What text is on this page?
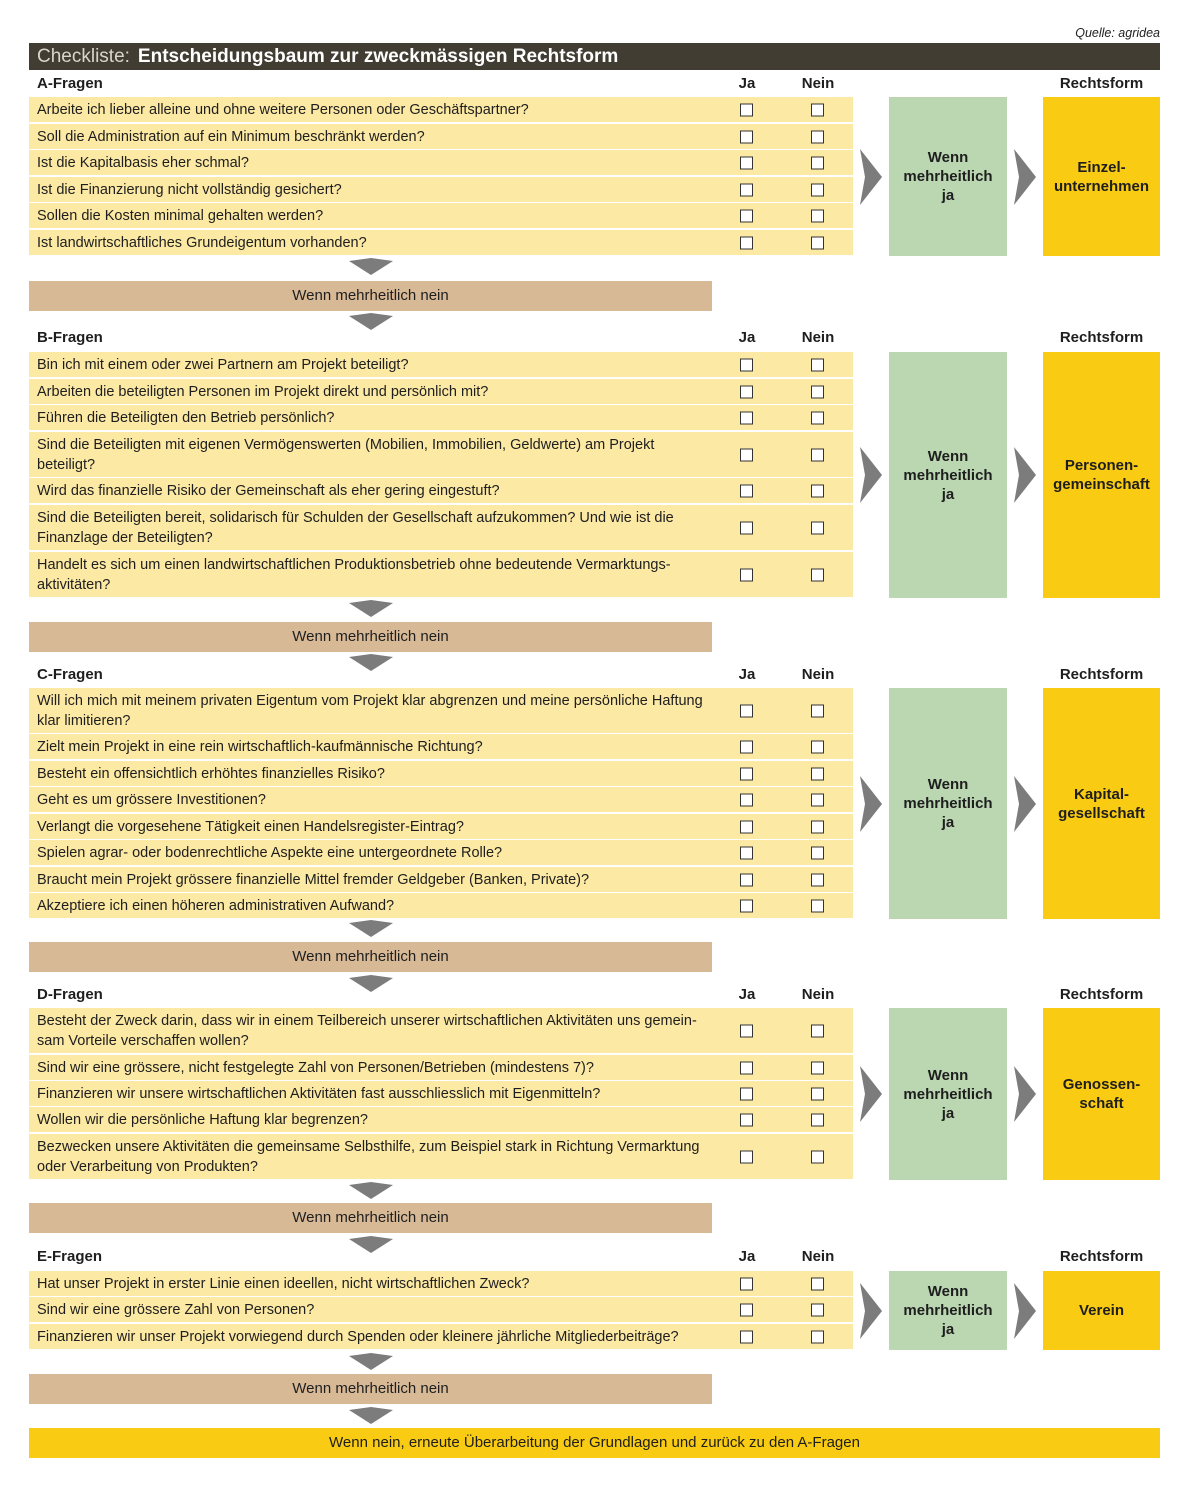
Quelle: agridea
Checkliste: Entscheidungsbaum zur zweckmässigen Rechtsform
A-Fragen	Ja	Nein	Rechtsform
Arbeite ich lieber alleine und ohne weitere Personen oder Geschäftspartner?
Soll die Administration auf ein Minimum beschränkt werden?
Ist die Kapitalbasis eher schmal?
Ist die Finanzierung nicht vollständig gesichert?
Sollen die Kosten minimal gehalten werden?
Ist landwirtschaftliches Grundeigentum vorhanden?
Wenn
mehrheitlich
ja
Einzel-
unternehmen
Wenn mehrheitlich nein
B-Fragen	Ja	Nein	Rechtsform
Bin ich mit einem oder zwei Partnern am Projekt beteiligt?
Arbeiten die beteiligten Personen im Projekt direkt und persönlich mit?
Führen die Beteiligten den Betrieb persönlich?
Sind die Beteiligten mit eigenen Vermögenswerten (Mobilien, Immobilien, Geldwerte) am Projekt beteiligt?
Wird das finanzielle Risiko der Gemeinschaft als eher gering eingestuft?
Sind die Beteiligten bereit, solidarisch für Schulden der Gesellschaft aufzukommen? Und wie ist die Finanzlage der Beteiligten?
Handelt es sich um einen landwirtschaftlichen Produktionsbetrieb ohne bedeutende Vermarktungs-aktivitäten?
Wenn
mehrheitlich
ja
Personen-
gemeinschaft
Wenn mehrheitlich nein
C-Fragen	Ja	Nein	Rechtsform
Will ich mich mit meinem privaten Eigentum vom Projekt klar abgrenzen und meine persönliche Haftung klar limitieren?
Zielt mein Projekt in eine rein wirtschaftlich-kaufmännische Richtung?
Besteht ein offensichtlich erhöhtes finanzielles Risiko?
Geht es um grössere Investitionen?
Verlangt die vorgesehene Tätigkeit einen Handelsregister-Eintrag?
Spielen agrar- oder bodenrechtliche Aspekte eine untergeordnete Rolle?
Braucht mein Projekt grössere finanzielle Mittel fremder Geldgeber (Banken, Private)?
Akzeptiere ich einen höheren administrativen Aufwand?
Wenn
mehrheitlich
ja
Kapital-
gesellschaft
Wenn mehrheitlich nein
D-Fragen	Ja	Nein	Rechtsform
Besteht der Zweck darin, dass wir in einem Teilbereich unserer wirtschaftlichen Aktivitäten uns gemein-sam Vorteile verschaffen wollen?
Sind wir eine grössere, nicht festgelegte Zahl von Personen/Betrieben (mindestens 7)?
Finanzieren wir unsere wirtschaftlichen Aktivitäten fast ausschliesslich mit Eigenmitteln?
Wollen wir die persönliche Haftung klar begrenzen?
Bezwecken unsere Aktivitäten die gemeinsame Selbsthilfe, zum Beispiel stark in Richtung Vermarktung oder Verarbeitung von Produkten?
Wenn
mehrheitlich
ja
Genossen-
schaft
Wenn mehrheitlich nein
E-Fragen	Ja	Nein	Rechtsform
Hat unser Projekt in erster Linie einen ideellen, nicht wirtschaftlichen Zweck?
Sind wir eine grössere Zahl von Personen?
Finanzieren wir unser Projekt vorwiegend durch Spenden oder kleinere jährliche Mitgliederbeiträge?
Wenn
mehrheitlich
ja
Verein
Wenn mehrheitlich nein
Wenn nein, erneute Überarbeitung der Grundlagen und zurück zu den A-Fragen
